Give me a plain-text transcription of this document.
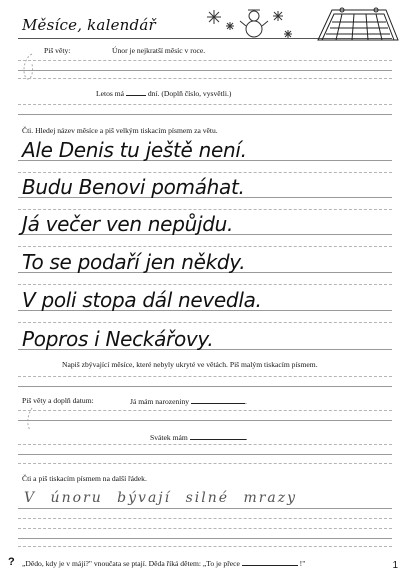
Měsíce, kalendář
Piš věty:	Únor je nejkratší měsíc v roce.
Letos má	dní. (Doplň číslo, vysvětli.)
Čti. Hledej název měsíce a piš velkým tiskacím písmem za větu.
Ale Denis tu ještě není.
Budu Benovi pomáhat.
Já večer ven nepůjdu.
To se podaří jen někdy.
V poli stopa dál nevedla.
Popros i Neckářovy.
Napiš zbývající měsíce, které nebyly ukryté ve větách. Piš malým tiskacím písmem.
Piš věty a doplň datum:	Já mám narozeniny	.
Svátek mám	.
Čti a piš tiskacím písmem na další řádek.
V únoru bývají silné mrazy
? „Dědo, kdy je v máji?" vnoučata se ptají. Děda říká dětem: „To je přece	!"	1
